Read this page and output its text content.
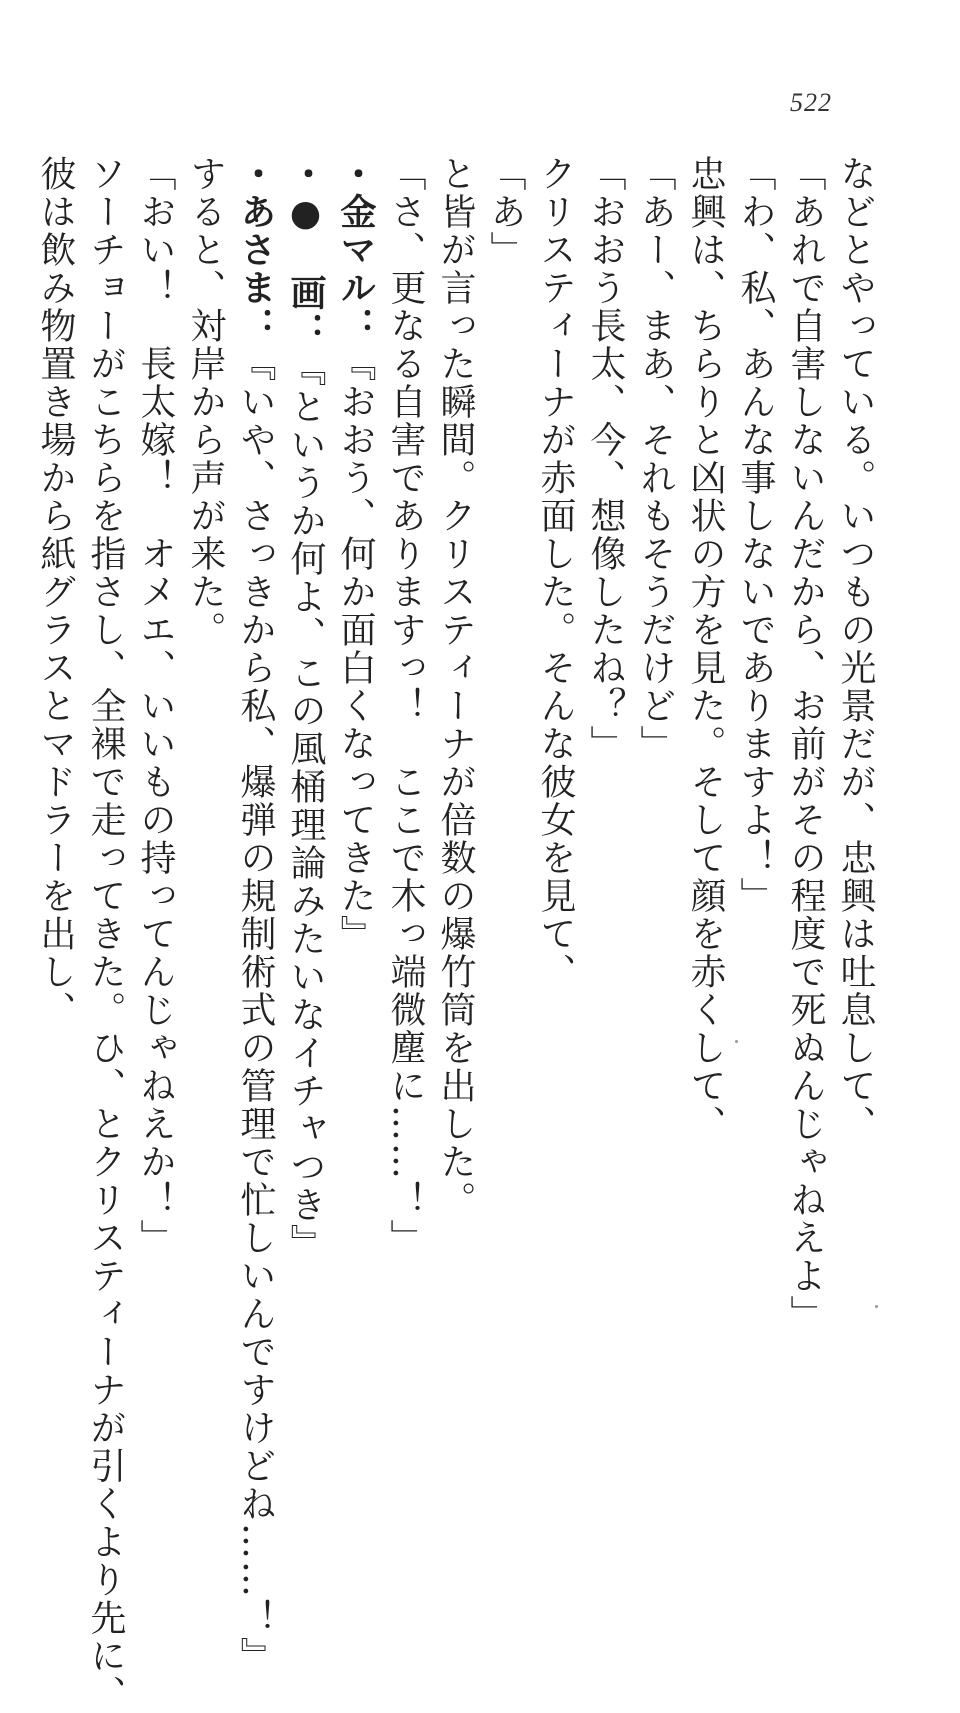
522
などとやっている。いつもの光景だが、忠興は吐息して、
「あれで自害しないんだから、お前がその程度で死ぬんじゃねえよ」
「わ、私、あんな事しないでありますよ！」
忠興は、ちらりと凶状の方を見た。そして顔を赤くして、
「あー、まあ、それもそうだけど」
「おおう長太、今、想像したね？」
クリスティーナが赤面した。そんな彼女を見て、
「あ」
と皆が言った瞬間。クリスティーナが倍数の爆竹筒を出した。
「さ、更なる自害でありますっ！　ここで木っ端微塵に……！」
・金マル：『おおう、何か面白くなってきた』
・●　画：『というか何よ、この風桶理論みたいなイチャつき』
・あさま：『いや、さっきから私、爆弾の規制術式の管理で忙しいんですけどね……！』
すると、対岸から声が来た。
「おい！　長太嫁！　オメエ、いいもの持ってんじゃねえか！」
ソーチョーがこちらを指さし、全裸で走ってきた。ひ、とクリスティーナが引くより先に、
彼は飲み物置き場から紙グラスとマドラーを出し、
